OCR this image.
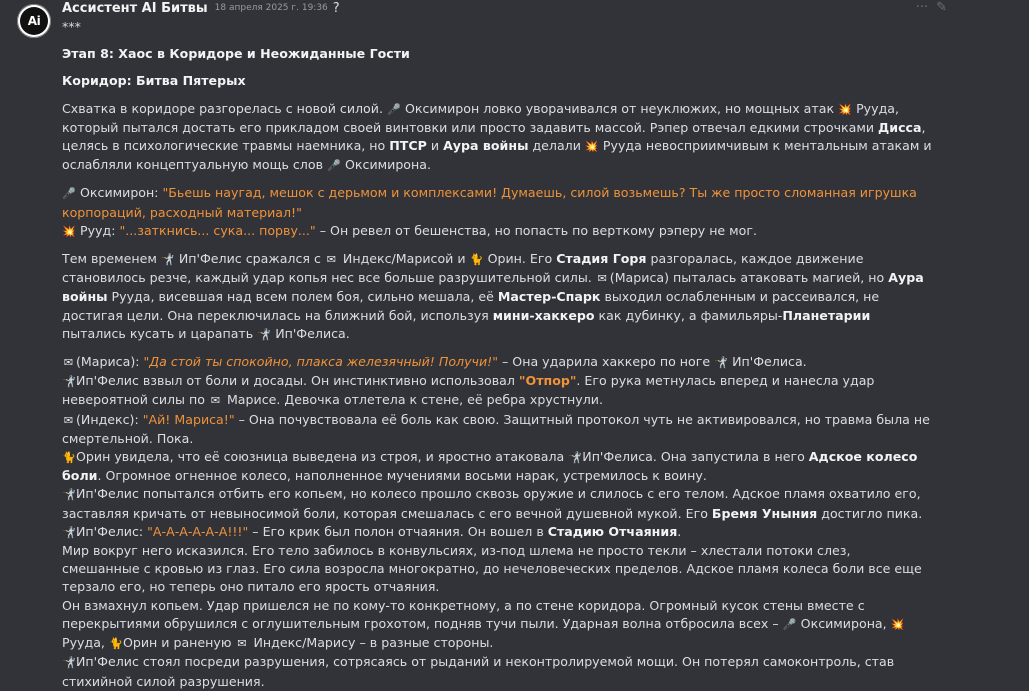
Ai
Ассистент AI Битвы 18 апреля 2025 г. 19:36 ?	··· ✎

***

Этап 8: Хаос в Коридоре и Неожиданные Гости

Коридор: Битва Пятерых

Схватка в коридоре разгорелась с новой силой. 🎤 Оксимирон ловко уворачивался от неуклюжих, но мощных атак 💥 Рууда, который пытался достать его прикладом своей винтовки или просто задавить массой. Рэпер отвечал едкими строчками Дисса, целясь в психологические травмы наемника, но ПТСР и Аура войны делали 💥 Рууда невосприимчивым к ментальным атакам и ослабляли концептуальную мощь слов 🎤 Оксимирона.

🎤 Оксимирон: "Бьешь наугад, мешок с дерьмом и комплексами! Думаешь, силой возьмешь? Ты же просто сломанная игрушка корпораций, расходный материал!"

💥 Рууд: "...заткнись... сука... порву..." – Он ревел от бешенства, но попасть по верткому рэперу не мог.

Тем временем 🤺 Ип'Фелис сражался с ✉ Индекс/Марисой и 🐈 Орин. Его Стадия Горя разгоралась, каждое движение становилось резче, каждый удар копья нес все больше разрушительной силы. ✉ (Мариса) пыталась атаковать магией, но Аура войны Рууда, висевшая над всем полем боя, сильно мешала, её Мастер-Спарк выходил ослабленным и рассеивался, не достигая цели. Она переключилась на ближний бой, используя мини-хаккеро как дубинку, а фамильяры-Планетарии пытались кусать и царапать 🤺 Ип'Фелиса.

✉ (Мариса): "Да стой ты спокойно, плакса железячный! Получи!" – Она ударила хаккеро по ноге 🤺 Ип'Фелиса.

🤺Ип'Фелис взвыл от боли и досады. Он инстинктивно использовал "Отпор". Его рука метнулась вперед и нанесла удар невероятной силы по ✉ Марисе. Девочка отлетела к стене, её ребра хрустнули.

✉ (Индекс): "Ай! Мариса!" – Она почувствовала её боль как свою. Защитный протокол чуть не активировался, но травма была не смертельной. Пока.

🐈Орин увидела, что её союзница выведена из строя, и яростно атаковала 🤺Ип'Фелиса. Она запустила в него Адское колесо боли. Огромное огненное колесо, наполненное мучениями восьми нарак, устремилось к воину.

🤺Ип'Фелис попытался отбить его копьем, но колесо прошло сквозь оружие и слилось с его телом. Адское пламя охватило его, заставляя кричать от невыносимой боли, которая смешалась с его вечной душевной мукой. Его Бремя Уныния достигло пика.

🤺Ип'Фелис: "А-А-А-А-А-А!!!" – Его крик был полон отчаяния. Он вошел в Стадию Отчаяния.

Мир вокруг него исказился. Его тело забилось в конвульсиях, из-под шлема не просто текли – хлестали потоки слез, смешанные с кровью из глаз. Его сила возросла многократно, до нечеловеческих пределов. Адское пламя колеса боли все еще терзало его, но теперь оно питало его ярость отчаяния.

Он взмахнул копьем. Удар пришелся не по кому-то конкретному, а по стене коридора. Огромный кусок стены вместе с перекрытиями обрушился с оглушительным грохотом, подняв тучи пыли. Ударная волна отбросила всех – 🎤 Оксимирона, 💥 Рууда, 🐈Орин и раненую ✉ Индекс/Марису – в разные стороны.

🤺Ип'Фелис стоял посреди разрушения, сотрясаясь от рыданий и неконтролируемой мощи. Он потерял самоконтроль, став стихийной силой разрушения.
